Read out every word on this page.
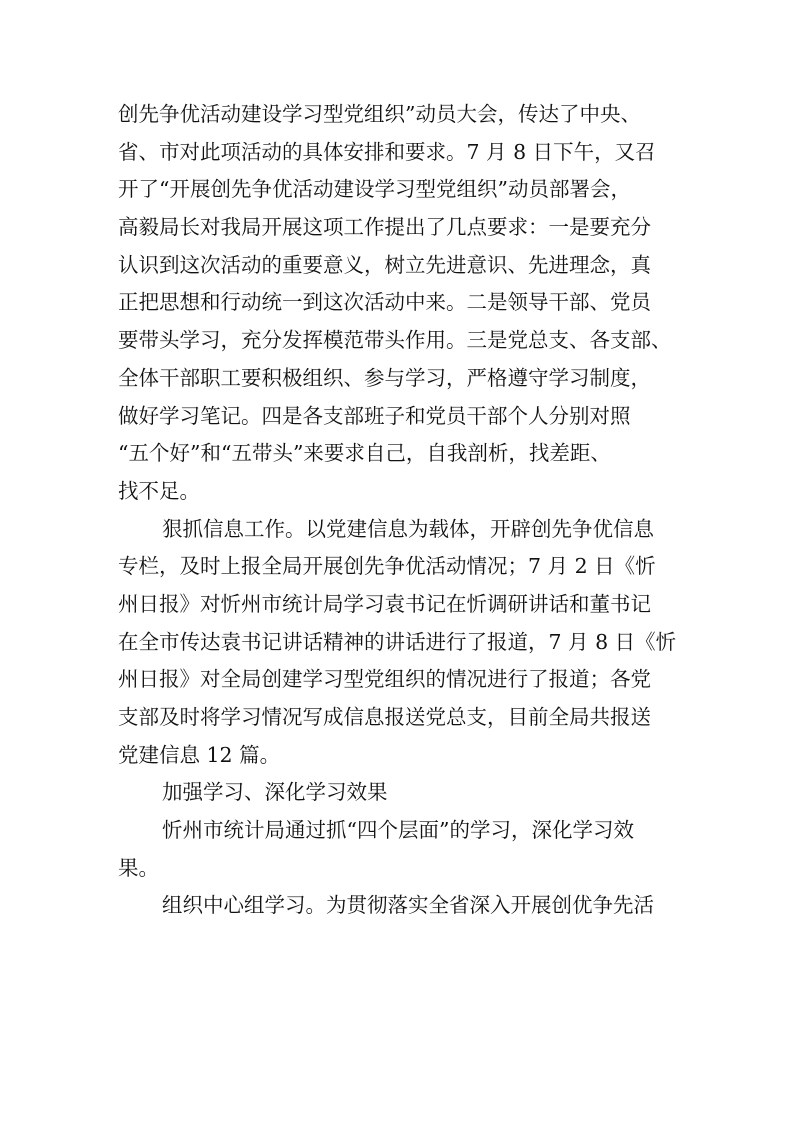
创先争优活动建设学习型党组织”动员大会，传达了中央、
省、市对此项活动的具体安排和要求。7 月 8 日下午，又召
开了“开展创先争优活动建设学习型党组织”动员部署会，
高毅局长对我局开展这项工作提出了几点要求：一是要充分
认识到这次活动的重要意义，树立先进意识、先进理念，真
正把思想和行动统一到这次活动中来。二是领导干部、党员
要带头学习，充分发挥模范带头作用。三是党总支、各支部、
全体干部职工要积极组织、参与学习，严格遵守学习制度，
做好学习笔记。四是各支部班子和党员干部个人分别对照
“五个好”和“五带头”来要求自己，自我剖析，找差距、
找不足。
狠抓信息工作。以党建信息为载体，开辟创先争优信息
专栏，及时上报全局开展创先争优活动情况；7 月 2 日《忻
州日报》对忻州市统计局学习袁书记在忻调研讲话和董书记
在全市传达袁书记讲话精神的讲话进行了报道，7 月 8 日《忻
州日报》对全局创建学习型党组织的情况进行了报道；各党
支部及时将学习情况写成信息报送党总支，目前全局共报送
党建信息 12 篇。
加强学习、深化学习效果
忻州市统计局通过抓“四个层面”的学习，深化学习效
果。
组织中心组学习。为贯彻落实全省深入开展创优争先活
